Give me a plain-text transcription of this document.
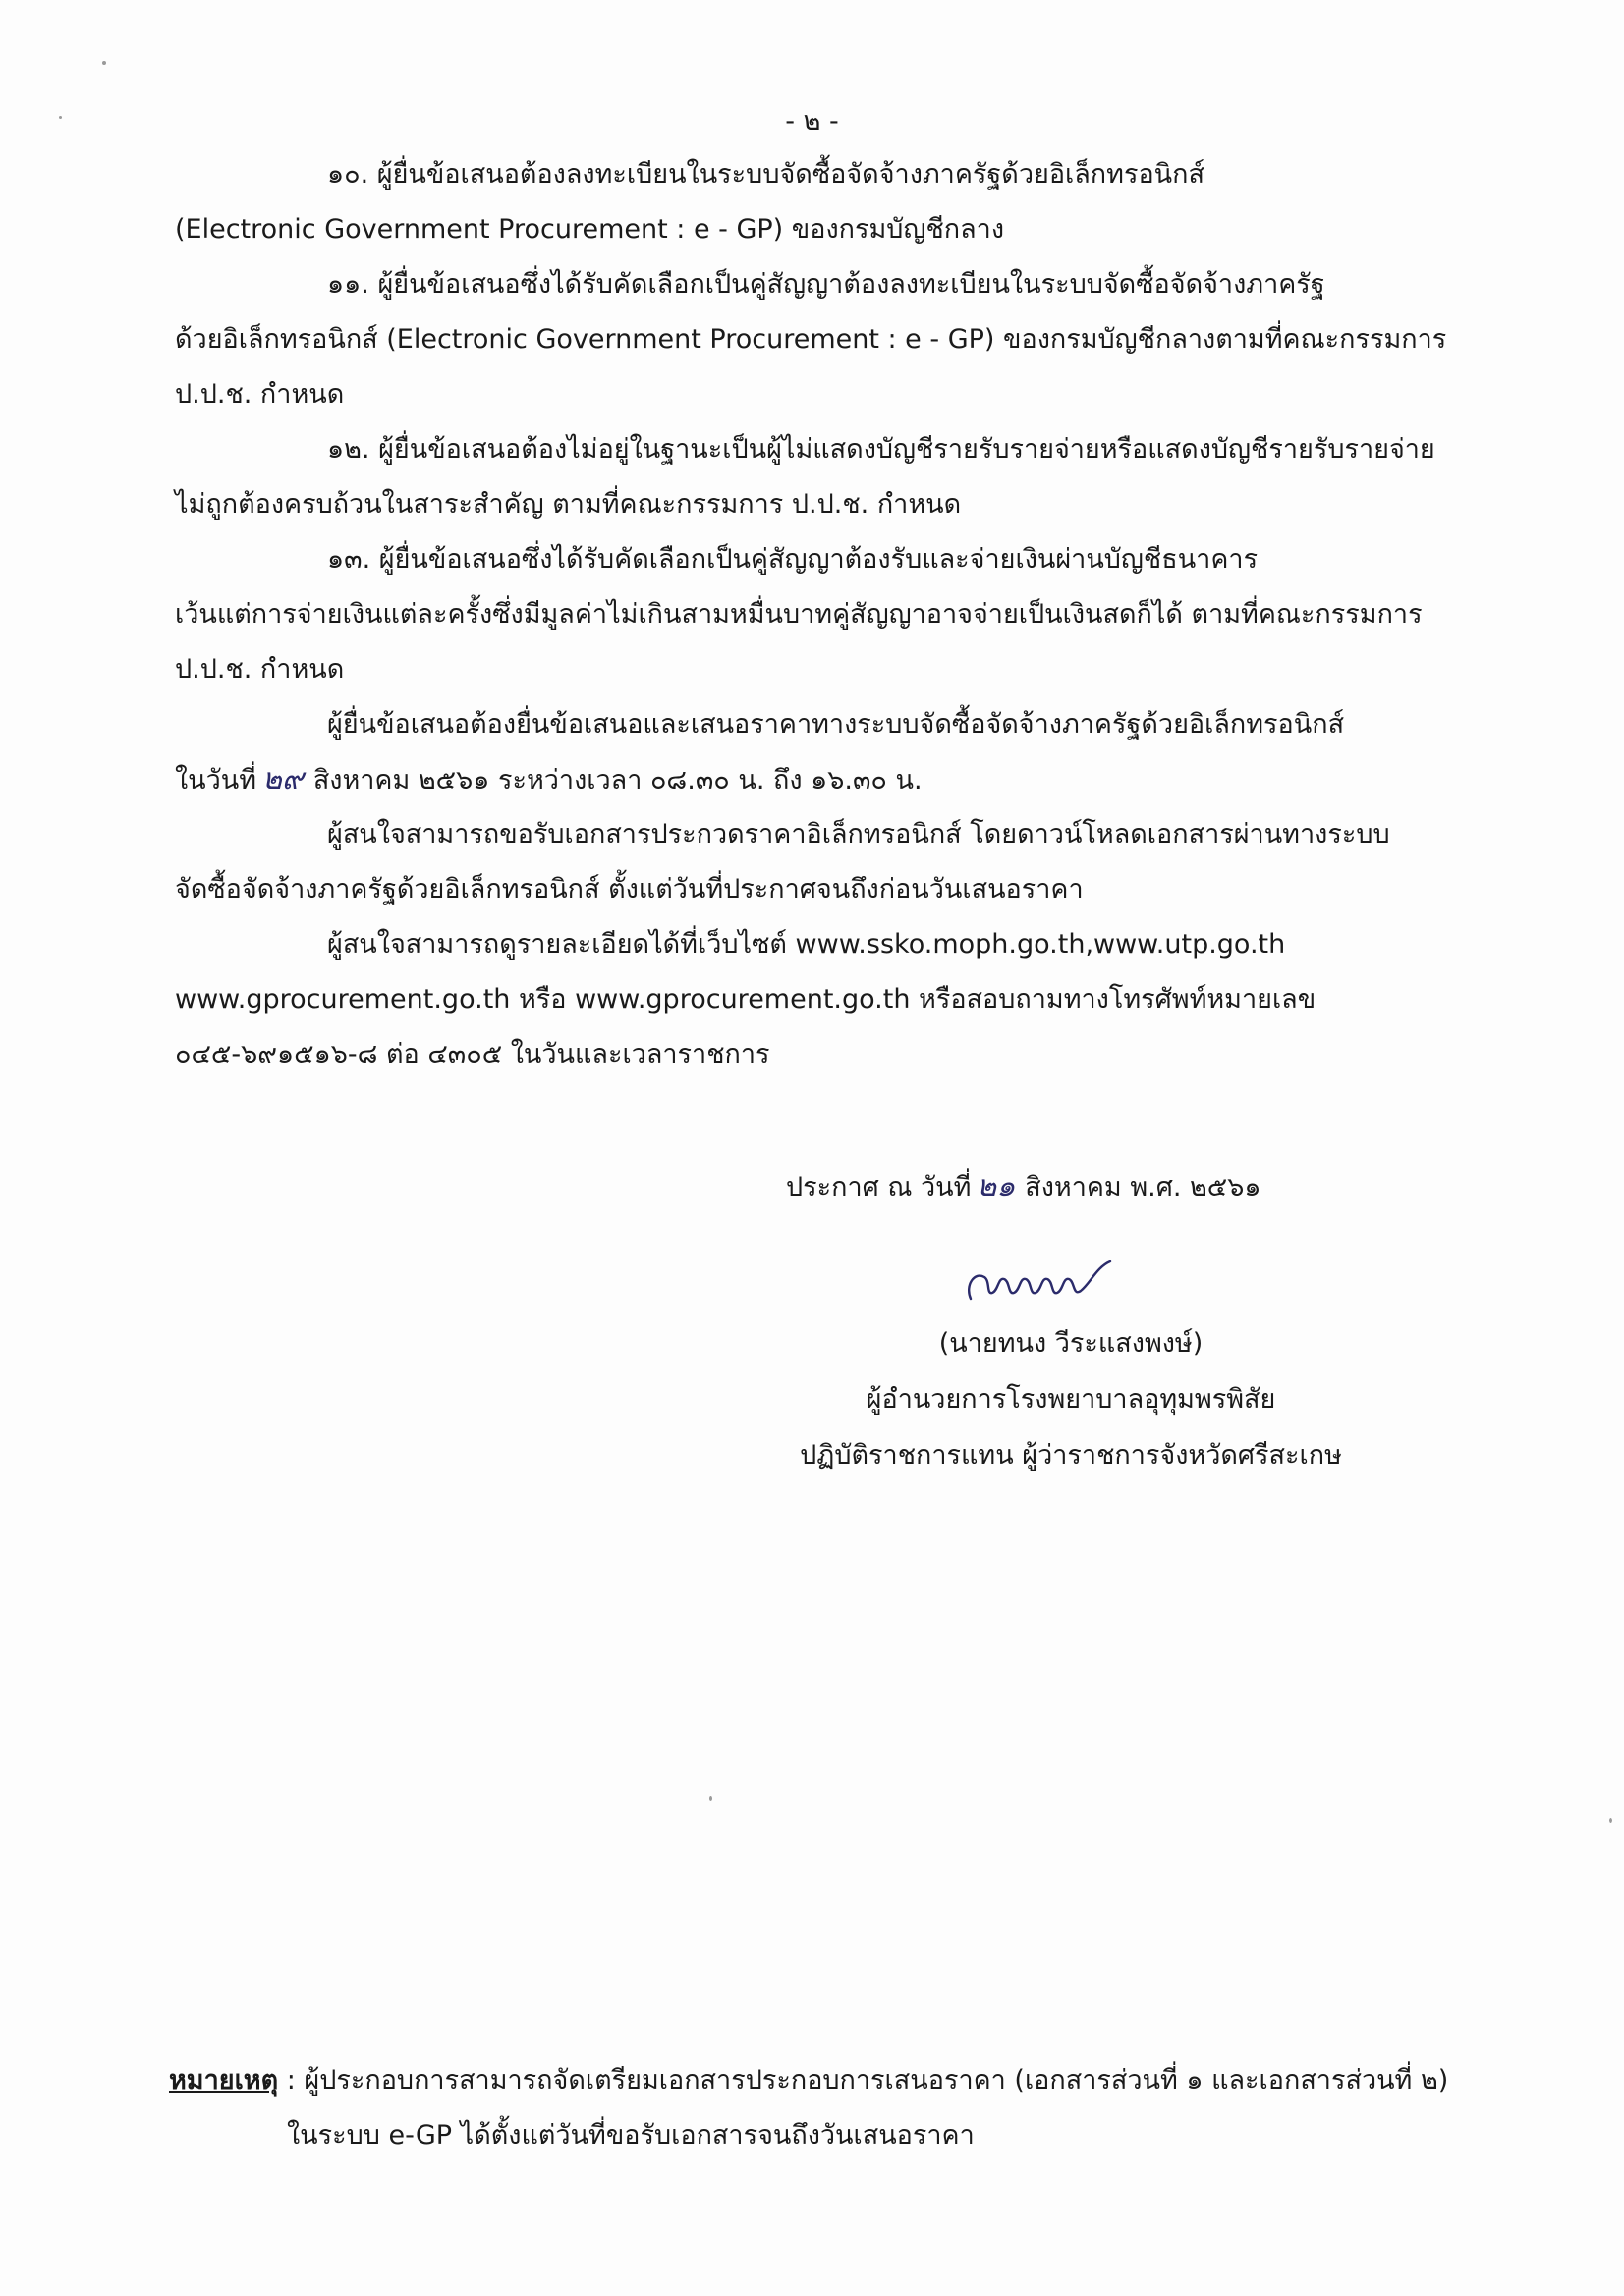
- ๒ -
๑๐. ผู้ยื่นข้อเสนอต้องลงทะเบียนในระบบจัดซื้อจัดจ้างภาครัฐด้วยอิเล็กทรอนิกส์
(Electronic Government Procurement : e - GP) ของกรมบัญชีกลาง
๑๑. ผู้ยื่นข้อเสนอซึ่งได้รับคัดเลือกเป็นคู่สัญญาต้องลงทะเบียนในระบบจัดซื้อจัดจ้างภาครัฐ
ด้วยอิเล็กทรอนิกส์ (Electronic Government Procurement : e - GP) ของกรมบัญชีกลางตามที่คณะกรรมการ
ป.ป.ช. กำหนด
๑๒. ผู้ยื่นข้อเสนอต้องไม่อยู่ในฐานะเป็นผู้ไม่แสดงบัญชีรายรับรายจ่ายหรือแสดงบัญชีรายรับรายจ่าย
ไม่ถูกต้องครบถ้วนในสาระสำคัญ ตามที่คณะกรรมการ ป.ป.ช. กำหนด
๑๓. ผู้ยื่นข้อเสนอซึ่งได้รับคัดเลือกเป็นคู่สัญญาต้องรับและจ่ายเงินผ่านบัญชีธนาคาร
เว้นแต่การจ่ายเงินแต่ละครั้งซึ่งมีมูลค่าไม่เกินสามหมื่นบาทคู่สัญญาอาจจ่ายเป็นเงินสดก็ได้ ตามที่คณะกรรมการ
ป.ป.ช. กำหนด
ผู้ยื่นข้อเสนอต้องยื่นข้อเสนอและเสนอราคาทางระบบจัดซื้อจัดจ้างภาครัฐด้วยอิเล็กทรอนิกส์
ในวันที่ ๒๙ สิงหาคม ๒๕๖๑ ระหว่างเวลา ๐๘.๓๐ น. ถึง ๑๖.๓๐ น.
ผู้สนใจสามารถขอรับเอกสารประกวดราคาอิเล็กทรอนิกส์ โดยดาวน์โหลดเอกสารผ่านทางระบบ
จัดซื้อจัดจ้างภาครัฐด้วยอิเล็กทรอนิกส์ ตั้งแต่วันที่ประกาศจนถึงก่อนวันเสนอราคา
ผู้สนใจสามารถดูรายละเอียดได้ที่เว็บไซต์ www.ssko.moph.go.th,www.utp.go.th
www.gprocurement.go.th หรือ www.gprocurement.go.th หรือสอบถามทางโทรศัพท์หมายเลข
๐๔๕-๖๙๑๕๑๖-๘ ต่อ ๔๓๐๕ ในวันและเวลาราชการ
ประกาศ ณ วันที่ ๒๑ สิงหาคม พ.ศ. ๒๕๖๑
(นายทนง วีระแสงพงษ์)
ผู้อำนวยการโรงพยาบาลอุทุมพรพิสัย
ปฏิบัติราชการแทน ผู้ว่าราชการจังหวัดศรีสะเกษ
หมายเหตุ : ผู้ประกอบการสามารถจัดเตรียมเอกสารประกอบการเสนอราคา (เอกสารส่วนที่ ๑ และเอกสารส่วนที่ ๒)
ในระบบ e-GP ได้ตั้งแต่วันที่ขอรับเอกสารจนถึงวันเสนอราคา
